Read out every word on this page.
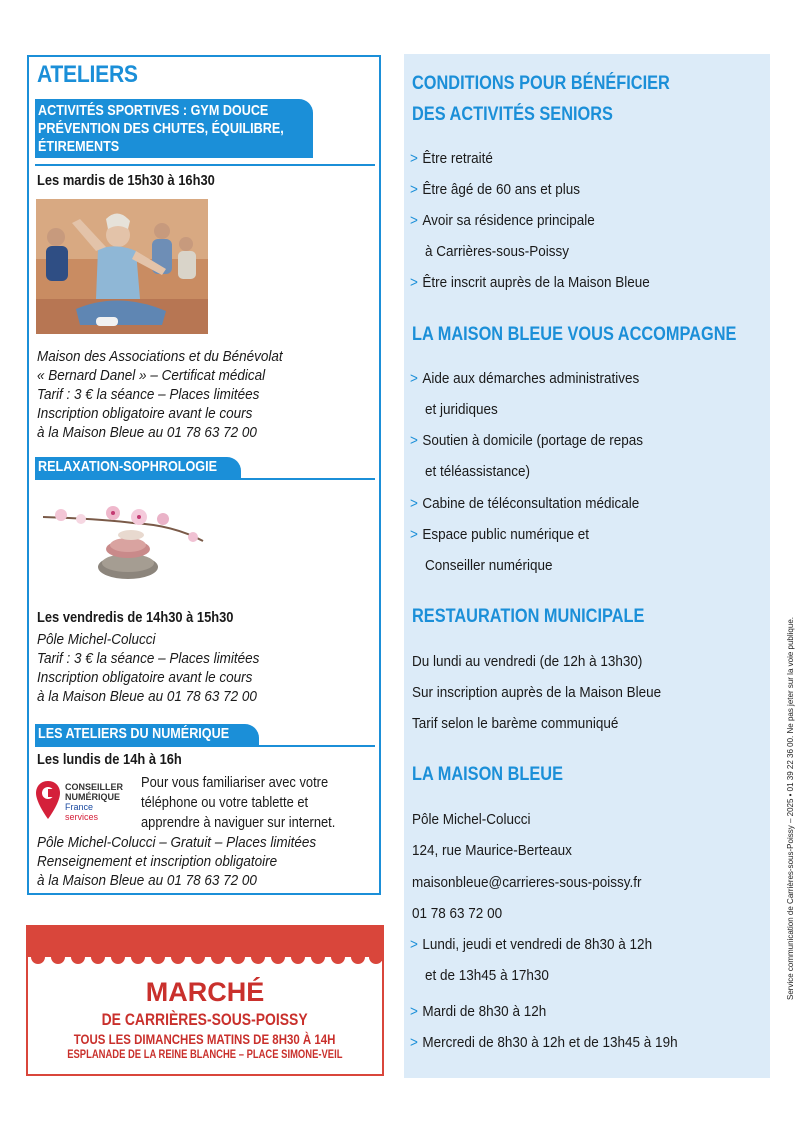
ATELIERS
ACTIVITÉS SPORTIVES : GYM DOUCE
PRÉVENTION DES CHUTES, ÉQUILIBRE,
ÉTIREMENTS
Les mardis de 15h30 à 16h30
Maison des Associations et du Bénévolat
« Bernard Danel » – Certificat médical
Tarif : 3 € la séance – Places limitées
Inscription obligatoire avant le cours
à la Maison Bleue au 01 78 63 72 00
RELAXATION-SOPHROLOGIE
Les vendredis de 14h30 à 15h30
Pôle Michel-Colucci
Tarif : 3 € la séance – Places limitées
Inscription obligatoire avant le cours
à la Maison Bleue au 01 78 63 72 00
LES ATELIERS DU NUMÉRIQUE
Les lundis de 14h à 16h
CONSEILLER
NUMÉRIQUE
France
services
Pour vous familiariser avec votre
téléphone ou votre tablette et
apprendre à naviguer sur internet.
Pôle Michel-Colucci – Gratuit – Places limitées
Renseignement et inscription obligatoire
à la Maison Bleue au 01 78 63 72 00
MARCHÉ
DE CARRIÈRES-SOUS-POISSY
TOUS LES DIMANCHES MATINS DE 8H30 À 14H
ESPLANADE DE LA REINE BLANCHE – PLACE SIMONE-VEIL
CONDITIONS POUR BÉNÉFICIER
DES ACTIVITÉS SENIORS
> Être retraité
> Être âgé de 60 ans et plus
> Avoir sa résidence principale
à Carrières-sous-Poissy
> Être inscrit auprès de la Maison Bleue
LA MAISON BLEUE VOUS ACCOMPAGNE
> Aide aux démarches administratives
et juridiques
> Soutien à domicile (portage de repas
et téléassistance)
> Cabine de téléconsultation médicale
> Espace public numérique et
Conseiller numérique
RESTAURATION MUNICIPALE
Du lundi au vendredi (de 12h à 13h30)
Sur inscription auprès de la Maison Bleue
Tarif selon le barème communiqué
LA MAISON BLEUE
Pôle Michel-Colucci
124, rue Maurice-Berteaux
maisonbleue@carrieres-sous-poissy.fr
01 78 63 72 00
> Lundi, jeudi et vendredi de 8h30 à 12h
et de 13h45 à 17h30
> Mardi de 8h30 à 12h
> Mercredi de 8h30 à 12h et de 13h45 à 19h
Service communication de Carrières-sous-Poissy – 2025 • 01 39 22 36 00. Ne pas jeter sur la voie publique.
